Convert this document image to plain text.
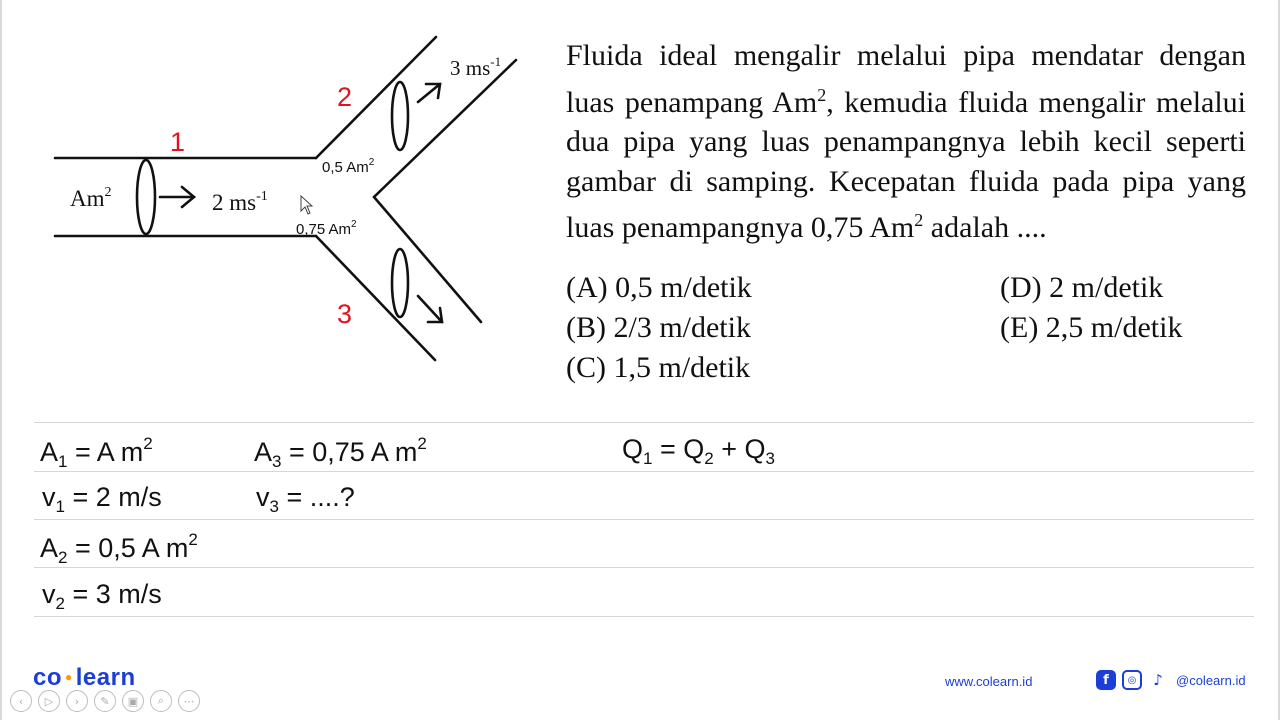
1
2
3
Am$^2$	2 $ms^{-1}$
3 $ms^{-1}$
0,5 Am$^2$
0,75 Am$^2$
Fluida ideal mengalir melalui pipa mendatar dengan luas penampang Am$^2$, kemudia fluida mengalir melalui dua pipa yang luas penampangnya lebih kecil seperti gambar di samping. Kecepatan fluida pada pipa yang luas penampangnya 0,75 Am$^2$ adalah ....
(A) 0,5 m/detik
(B) 2/3 m/detik
(C) 1,5 m/detik
(D) 2 m/detik
(E) 2,5 m/detik
$A_1 = A$ $m^2$	$A_3 = 0,75$ A $m^2$	$Q_1 = Q_2 + Q_3$
$v_1 = 2$ m/s	$v_3$ = ....?
$A_2 = 0,5$ A $m^2$
$v_2 = 3$ m/s
co ● learn
‹	▷	›	✎	▣	⌕	⋯
www.colearn.id	f	◎	♪	@colearn.id
